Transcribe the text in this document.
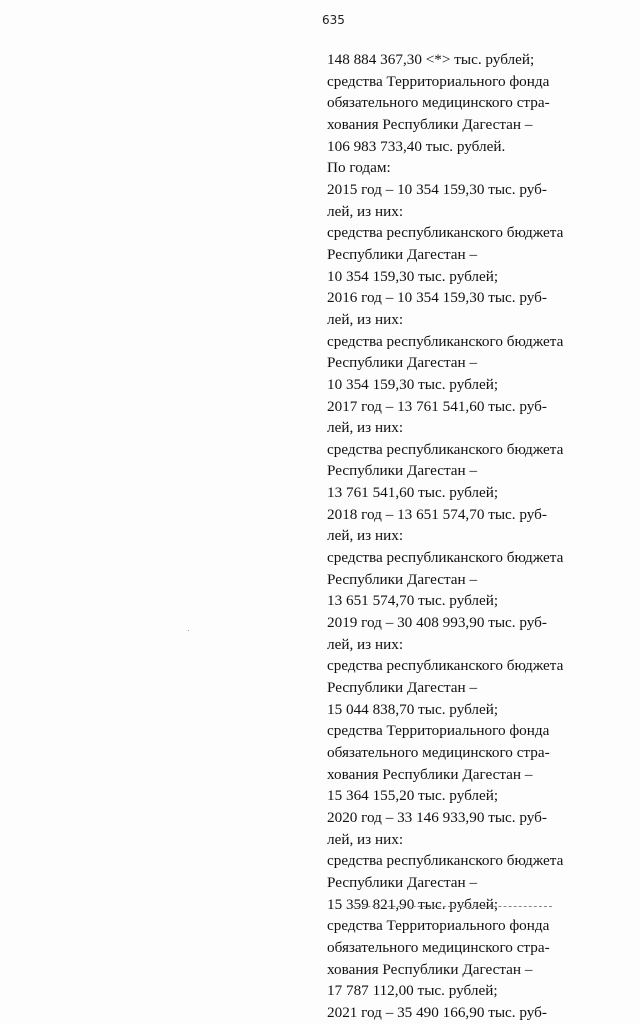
635
148 884 367,30 <*> тыс. рублей;
средства Территориального фонда
обязательного медицинского стра-
хования Республики Дагестан –
106 983 733,40 тыс. рублей.
По годам:
2015 год – 10 354 159,30 тыс. руб-
лей, из них:
средства республиканского бюджета
Республики Дагестан –
10 354 159,30 тыс. рублей;
2016 год – 10 354 159,30 тыс. руб-
лей, из них:
средства республиканского бюджета
Республики Дагестан –
10 354 159,30 тыс. рублей;
2017 год – 13 761 541,60 тыс. руб-
лей, из них:
средства республиканского бюджета
Республики Дагестан –
13 761 541,60 тыс. рублей;
2018 год – 13 651 574,70 тыс. руб-
лей, из них:
средства республиканского бюджета
Республики Дагестан –
13 651 574,70 тыс. рублей;
2019 год – 30 408 993,90 тыс. руб-
лей, из них:
средства республиканского бюджета
Республики Дагестан –
15 044 838,70 тыс. рублей;
средства Территориального фонда
обязательного медицинского стра-
хования Республики Дагестан –
15 364 155,20 тыс. рублей;
2020 год – 33 146 933,90 тыс. руб-
лей, из них:
средства республиканского бюджета
Республики Дагестан –
15 359 821,90 тыс. рублей;
средства Территориального фонда
обязательного медицинского стра-
хования Республики Дагестан –
17 787 112,00 тыс. рублей;
2021 год – 35 490 166,90 тыс. руб-
